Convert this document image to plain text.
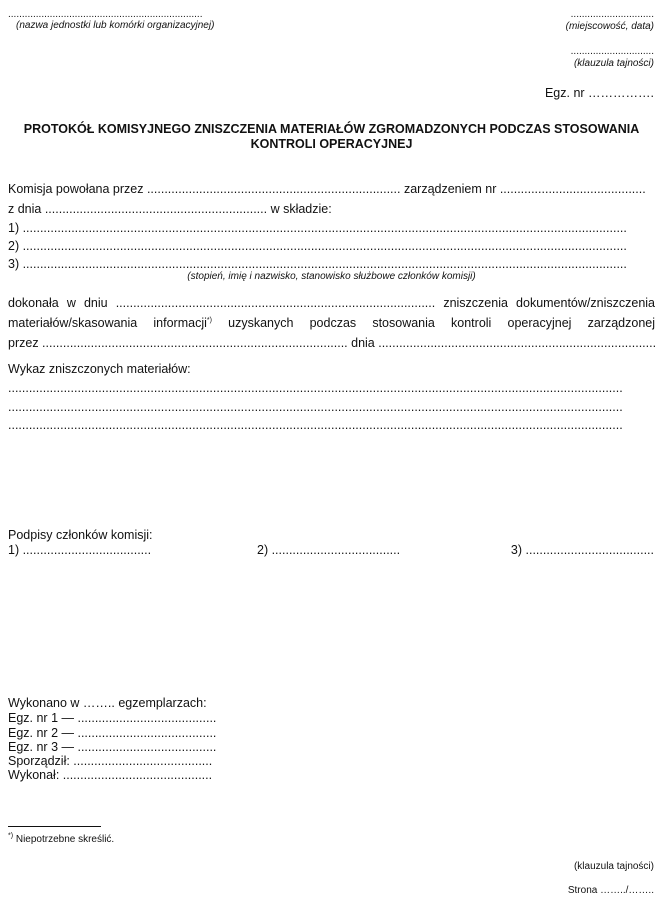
......................................................................
(nazwa jednostki lub komórki organizacyjnej)
..............................
(miejscowość, data)
..............................
(klauzula tajności)
Egz. nr …………….
PROTOKÓŁ KOMISYJNEGO ZNISZCZENIA MATERIAŁÓW ZGROMADZONYCH PODCZAS STOSOWANIA KONTROLI OPERACYJNEJ
Komisja powołana przez ......................................................................... zarządzeniem nr ..........................................
z dnia ................................................................ w składzie:
1) ..............................................................................................................................................................................
2) ..............................................................................................................................................................................
3) ..............................................................................................................................................................................
(stopień, imię i nazwisko, stanowisko służbowe członków komisji)
dokonała w dniu ............................................................................................ zniszczenia dokumentów/zniszczenia
materiałów/skasowania informacji*) uzyskanych podczas stosowania kontroli operacyjnej zarządzonej
przez ........................................................................................ dnia ................................................................................
Wykaz zniszczonych materiałów:
.................................................................................................................................................................................
.................................................................................................................................................................................
.................................................................................................................................................................................
Podpisy członków komisji:
1) .....................................	2) .....................................	3) .....................................
Wykonano w …….. egzemplarzach:
Egz. nr 1 — ........................................
Egz. nr 2 — ........................................
Egz. nr 3 — ........................................
Sporządził: ........................................
Wykonał: ...........................................
*) Niepotrzebne skreślić.
(klauzula tajności)
Strona ……../……..
